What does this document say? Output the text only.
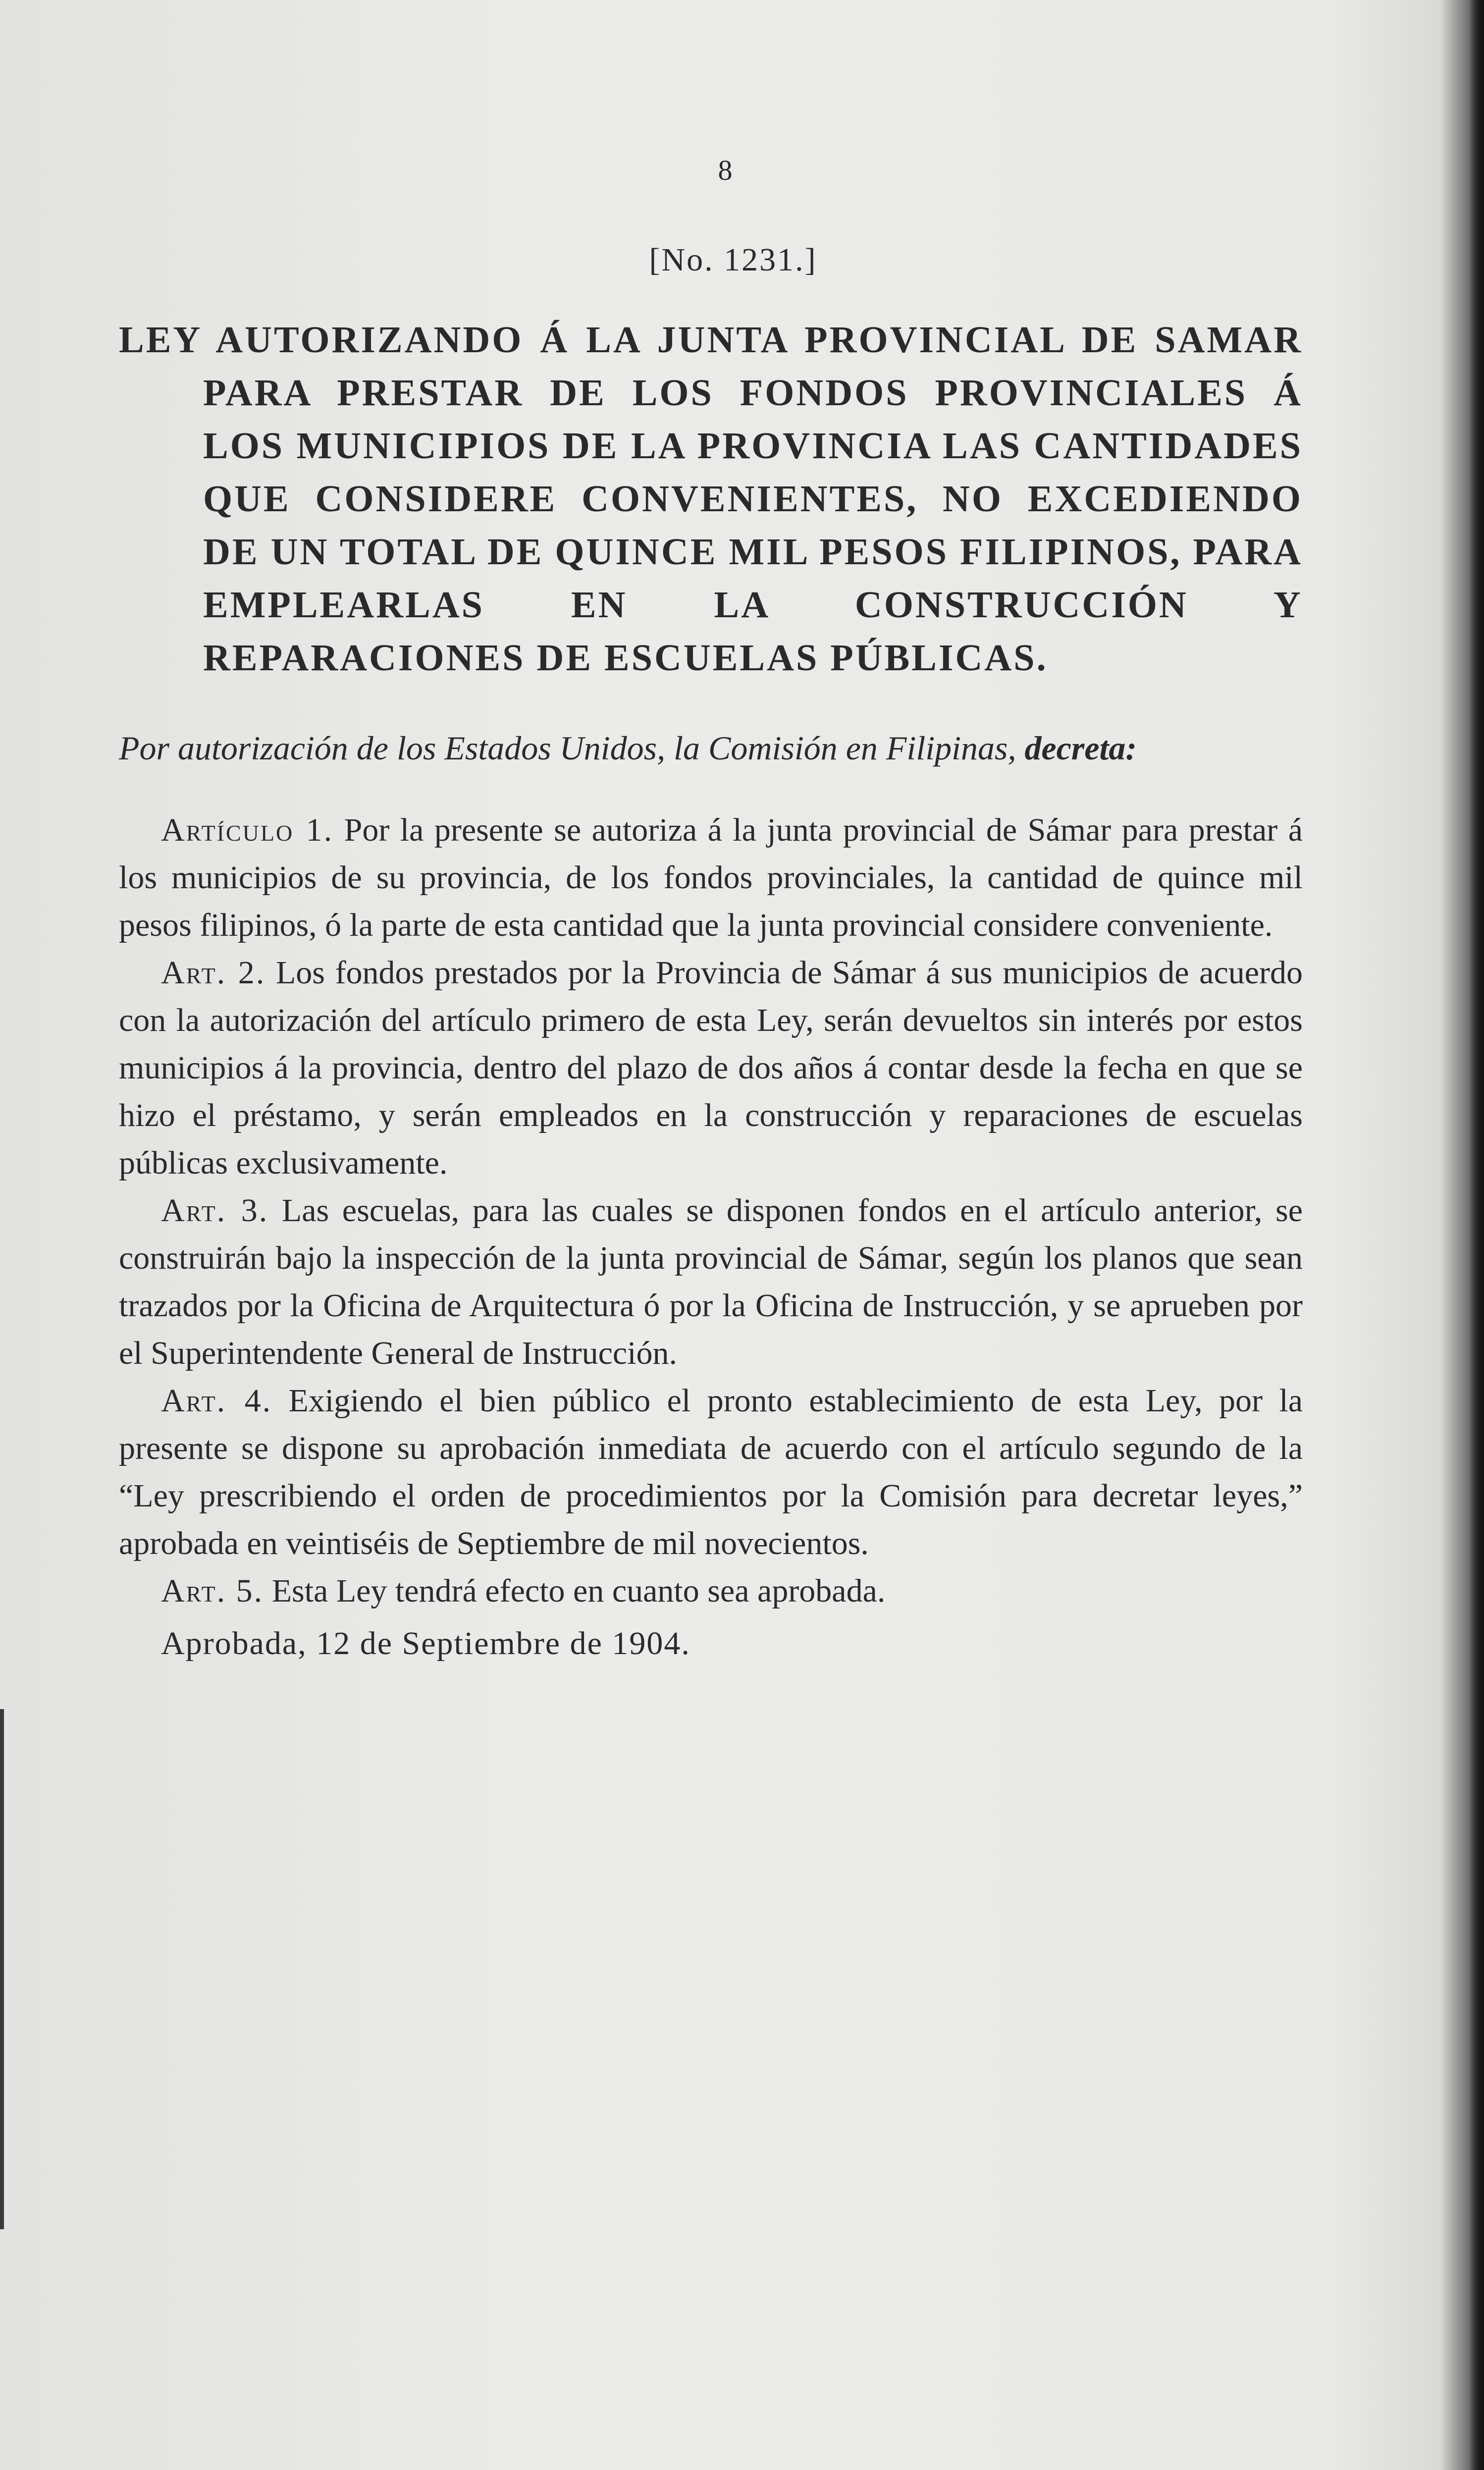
8
[No. 1231.]
LEY AUTORIZANDO Á LA JUNTA PROVINCIAL DE SAMAR PARA PRESTAR DE LOS FONDOS PROVINCIALES Á LOS MUNICIPIOS DE LA PROVINCIA LAS CANTIDADES QUE CONSIDERE CONVENIENTES, NO EXCEDIENDO DE UN TOTAL DE QUINCE MIL PESOS FILIPINOS, PARA EMPLEARLAS EN LA CONSTRUCCIÓN Y REPARACIONES DE ESCUELAS PÚBLICAS.
Por autorización de los Estados Unidos, la Comisión en Filipinas, decreta:

Artículo 1. Por la presente se autoriza á la junta provincial de Sámar para prestar á los municipios de su provincia, de los fondos provinciales, la cantidad de quince mil pesos filipinos, ó la parte de esta cantidad que la junta provincial considere conveniente.

Art. 2. Los fondos prestados por la Provincia de Sámar á sus municipios de acuerdo con la autorización del artículo primero de esta Ley, serán devueltos sin interés por estos municipios á la provincia, dentro del plazo de dos años á contar desde la fecha en que se hizo el préstamo, y serán empleados en la construcción y reparaciones de escuelas públicas exclusivamente.

Art. 3. Las escuelas, para las cuales se disponen fondos en el artículo anterior, se construirán bajo la inspección de la junta provincial de Sámar, según los planos que sean trazados por la Oficina de Arquitectura ó por la Oficina de Instrucción, y se aprueben por el Superintendente General de Instrucción.

Art. 4. Exigiendo el bien público el pronto establecimiento de esta Ley, por la presente se dispone su aprobación inmediata de acuerdo con el artículo segundo de la “Ley prescribiendo el orden de procedimientos por la Comisión para decretar leyes,” aprobada en veintiséis de Septiembre de mil novecientos.

Art. 5. Esta Ley tendrá efecto en cuanto sea aprobada.

Aprobada, 12 de Septiembre de 1904.
